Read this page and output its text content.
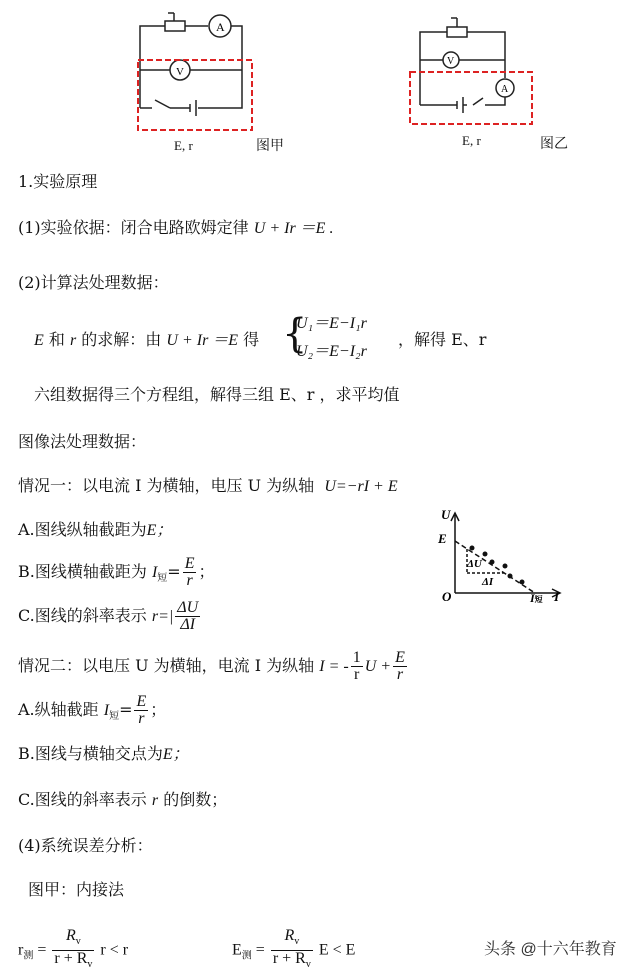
A
V
E, r	图甲
V
A
E, r	图乙
1.实验原理
(1)实验依据：闭合电路欧姆定律 U + Ir ＝E .
(2)计算法处理数据：
E 和 r 的求解：由 U + Ir ＝E 得 {
U₁＝E−I₁r
U₂＝E−I₂r
，解得 E、r
六组数据得三个方程组，解得三组 E、r ，求平均值
图像法处理数据：
情况一：以电流 I 为横轴，电压 U 为纵轴 U=−rI + E
A.图线纵轴截距为E；
B.图线横轴截距为 $I_短= \frac{E}{r}$ ；
C.图线的斜率表示 $r=| \frac{\Delta U}{\Delta I}$
情况二：以电压 U 为横轴，电流 I 为纵轴 I = - $\frac{1}{r}$ $U + \frac{E}{r}$
A.纵轴截距 $I_短= \frac{E}{r}$ ；
B.图线与横轴交点为E；
C.图线的斜率表示 r 的倒数；
(4)系统误差分析：
图甲：内接法
$r_测 = \frac{R_v}{r + R_v}$ r < r	$E_测 = \frac{R_v}{r + R_v}$ E < E	头条 @十六年教育
U
E
O	I
I短
ΔU
ΔI
